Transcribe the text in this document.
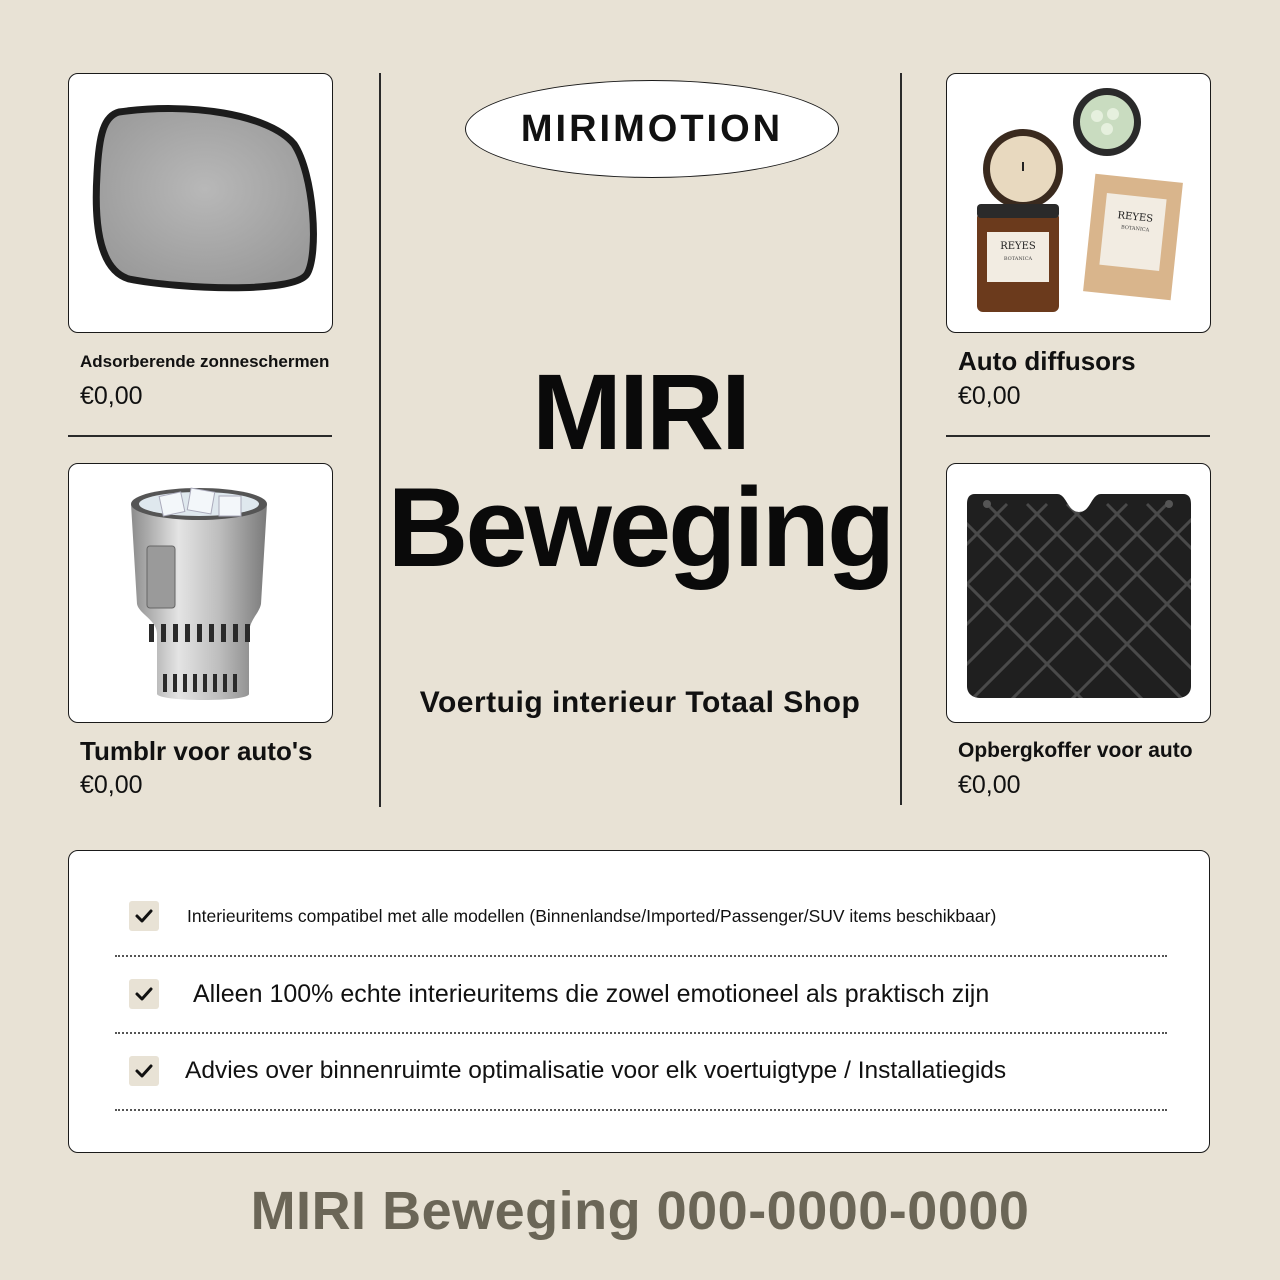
MIRIMOTION
MIRI
Beweging
Voertuig interieur Totaal Shop
Adsorberende zonneschermen
€0,00
REYES
BOTANICA
REYES
BOTANICA
Auto diffusors
€0,00
Tumblr voor auto's
€0,00
Opbergkoffer voor auto
€0,00
Interieuritems compatibel met alle modellen (Binnenlandse/Imported/Passenger/SUV items beschikbaar)
Alleen 100% echte interieuritems die zowel emotioneel als praktisch zijn
Advies over binnenruimte optimalisatie voor elk voertuigtype / Installatiegids
MIRI Beweging 000-0000-0000
